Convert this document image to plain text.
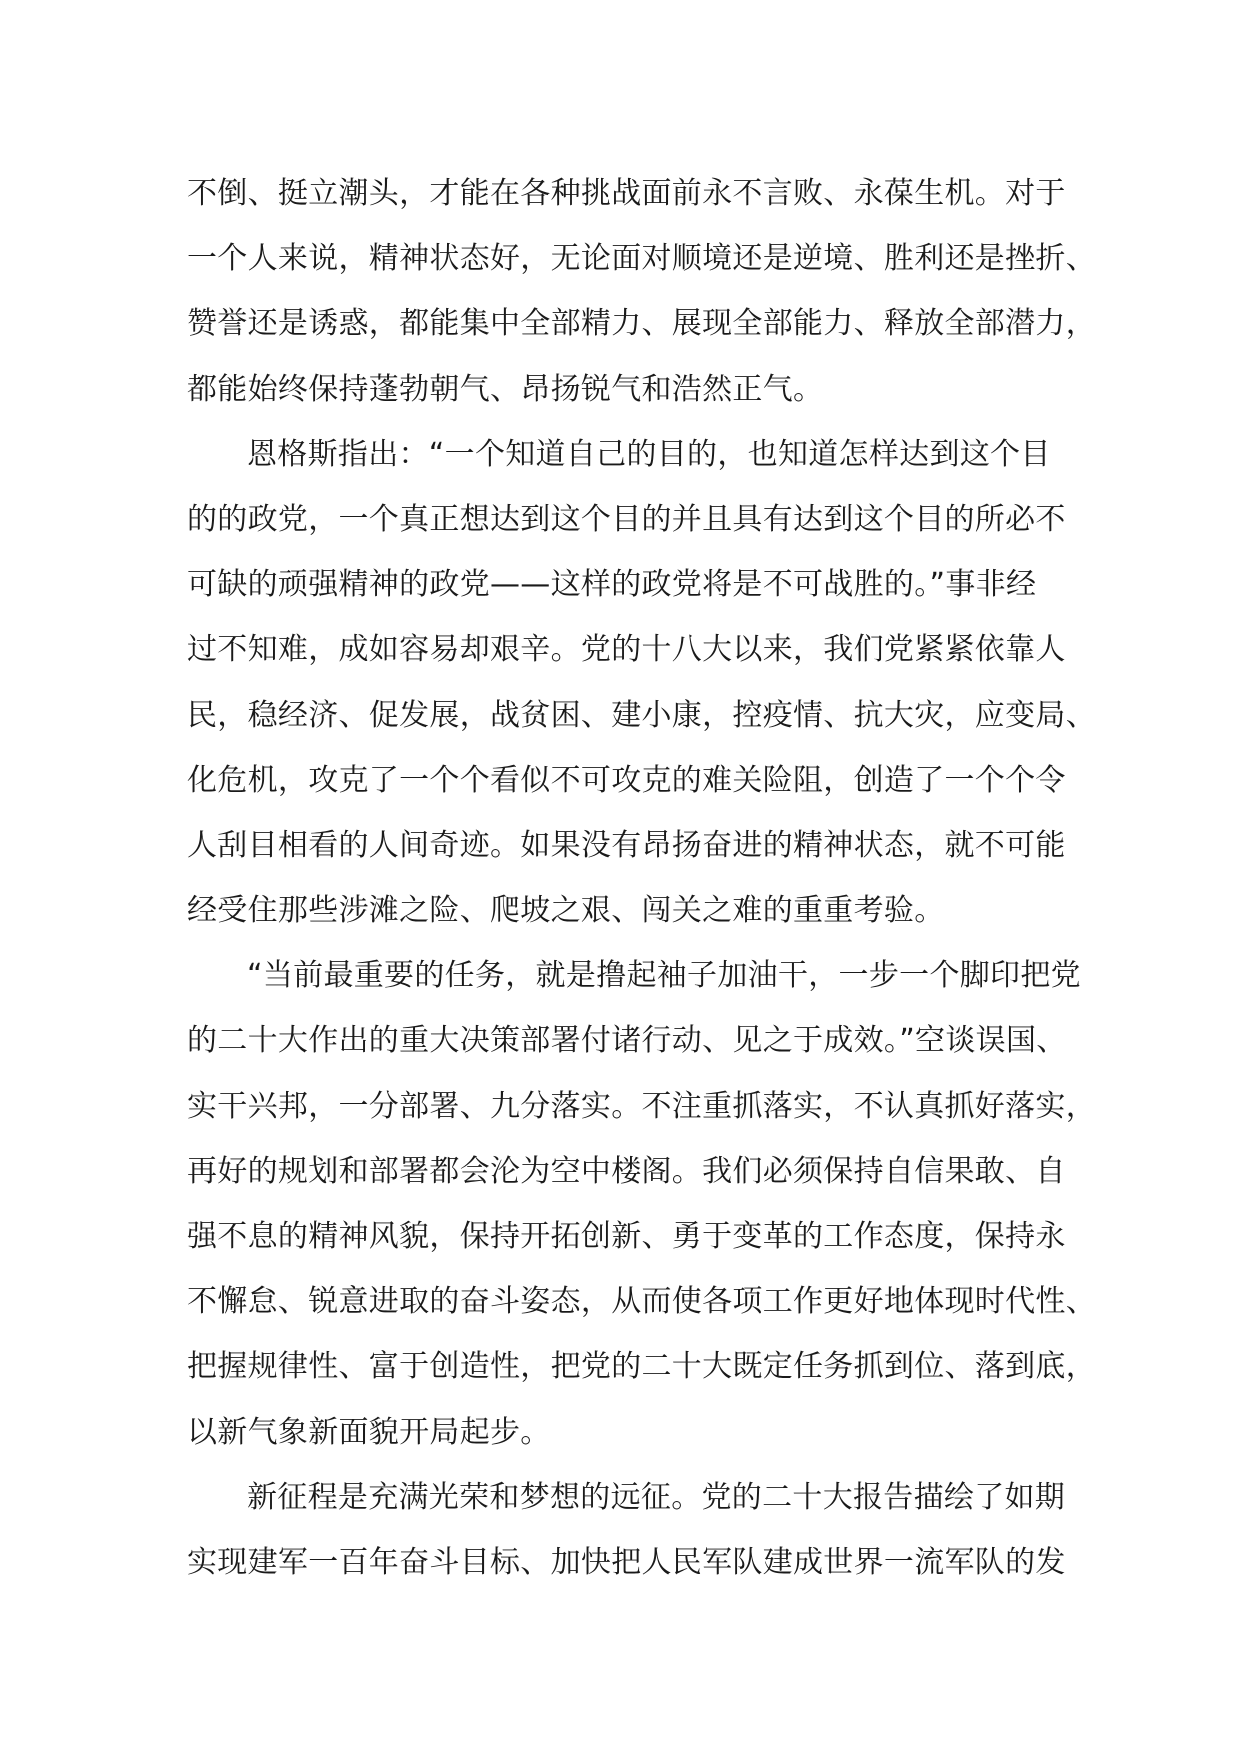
不倒、挺立潮头，才能在各种挑战面前永不言败、永葆生机。对于
一个人来说，精神状态好，无论面对顺境还是逆境、胜利还是挫折、
赞誉还是诱惑，都能集中全部精力、展现全部能力、释放全部潜力，
都能始终保持蓬勃朝气、昂扬锐气和浩然正气。
恩格斯指出：“一个知道自己的目的，也知道怎样达到这个目
的的政党，一个真正想达到这个目的并且具有达到这个目的所必不
可缺的顽强精神的政党——这样的政党将是不可战胜的。”事非经
过不知难，成如容易却艰辛。党的十八大以来，我们党紧紧依靠人
民，稳经济、促发展，战贫困、建小康，控疫情、抗大灾，应变局、
化危机，攻克了一个个看似不可攻克的难关险阻，创造了一个个令
人刮目相看的人间奇迹。如果没有昂扬奋进的精神状态，就不可能
经受住那些涉滩之险、爬坡之艰、闯关之难的重重考验。
“当前最重要的任务，就是撸起袖子加油干，一步一个脚印把党
的二十大作出的重大决策部署付诸行动、见之于成效。”空谈误国、
实干兴邦，一分部署、九分落实。不注重抓落实，不认真抓好落实，
再好的规划和部署都会沦为空中楼阁。我们必须保持自信果敢、自
强不息的精神风貌，保持开拓创新、勇于变革的工作态度，保持永
不懈怠、锐意进取的奋斗姿态，从而使各项工作更好地体现时代性、
把握规律性、富于创造性，把党的二十大既定任务抓到位、落到底，
以新气象新面貌开局起步。
新征程是充满光荣和梦想的远征。党的二十大报告描绘了如期
实现建军一百年奋斗目标、加快把人民军队建成世界一流军队的发
